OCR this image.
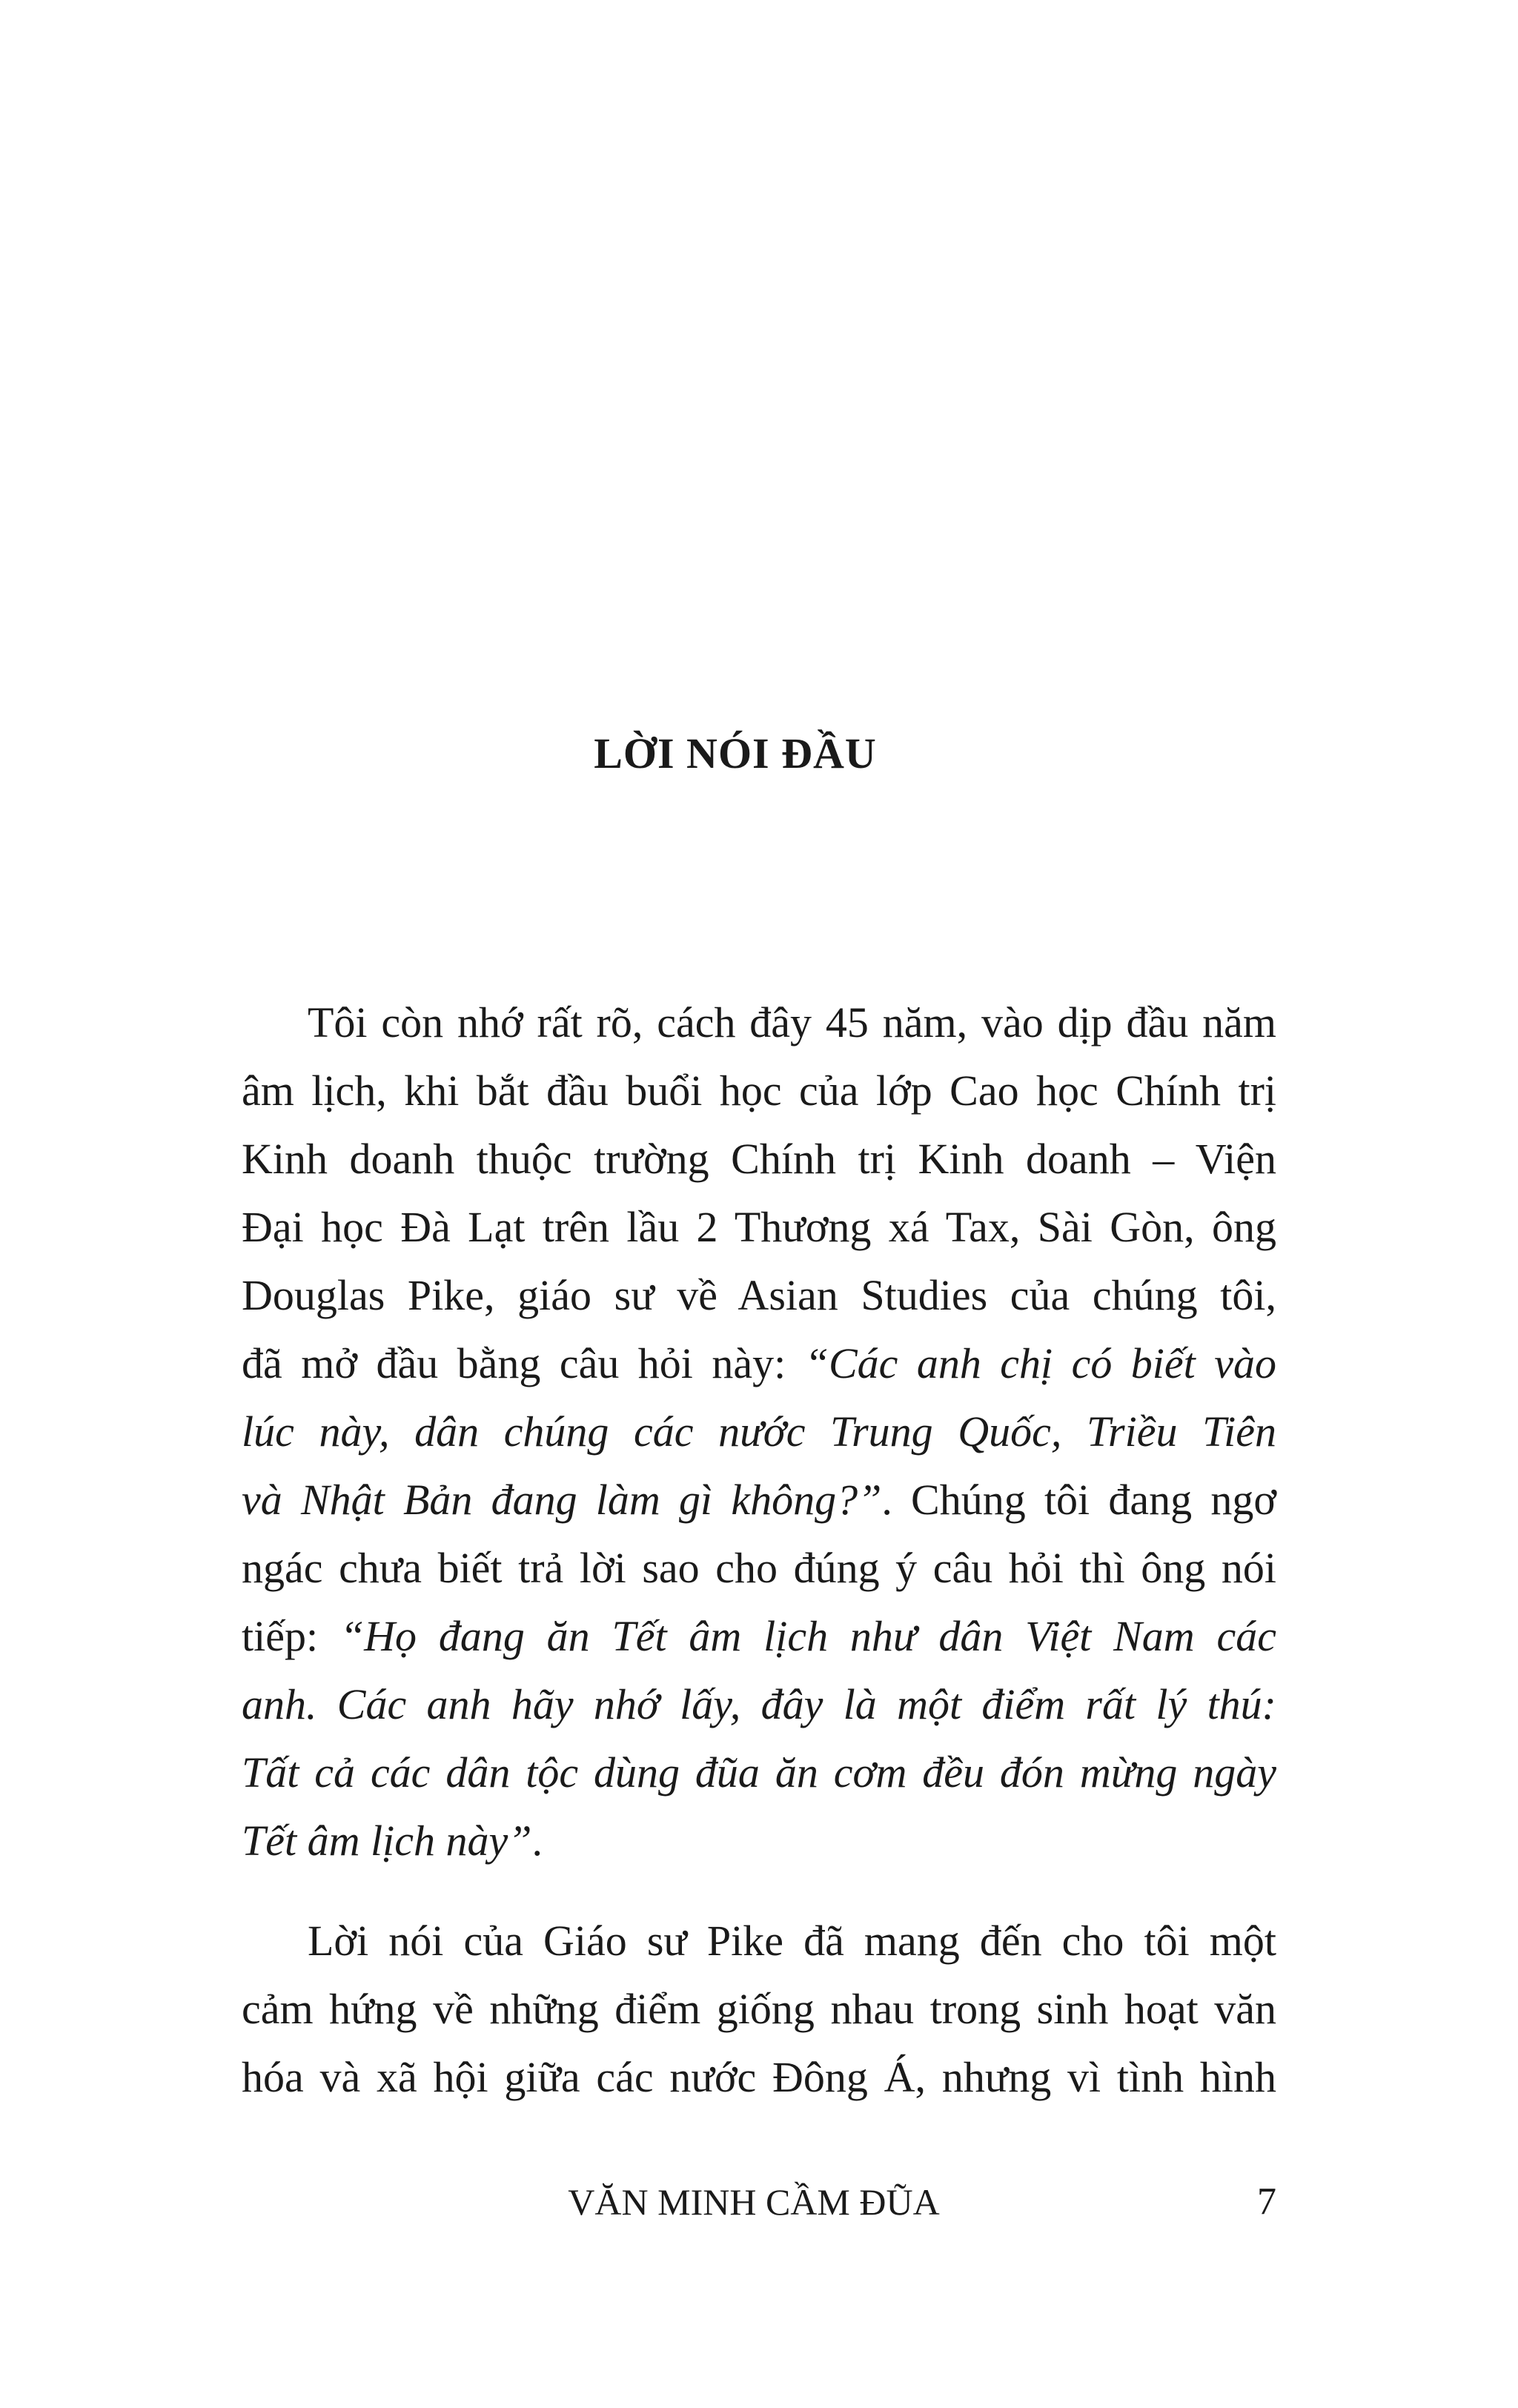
LỜI NÓI ĐẦU
Tôi còn nhớ rất rõ, cách đây 45 năm, vào dịp đầu năm
âm lịch, khi bắt đầu buổi học của lớp Cao học Chính trị
Kinh doanh thuộc trường Chính trị Kinh doanh – Viện
Đại học Đà Lạt trên lầu 2 Thương xá Tax, Sài Gòn, ông
Douglas Pike, giáo sư về Asian Studies của chúng tôi,
đã mở đầu bằng câu hỏi này: “Các anh chị có biết vào
lúc này, dân chúng các nước Trung Quốc, Triều Tiên
và Nhật Bản đang làm gì không?”. Chúng tôi đang ngơ
ngác chưa biết trả lời sao cho đúng ý câu hỏi thì ông nói
tiếp: “Họ đang ăn Tết âm lịch như dân Việt Nam các
anh. Các anh hãy nhớ lấy, đây là một điểm rất lý thú:
Tất cả các dân tộc dùng đũa ăn cơm đều đón mừng ngày
Tết âm lịch này”.
Lời nói của Giáo sư Pike đã mang đến cho tôi một
cảm hứng về những điểm giống nhau trong sinh hoạt văn
hóa và xã hội giữa các nước Đông Á, nhưng vì tình hình
VĂN MINH CẦM ĐŨA	7
